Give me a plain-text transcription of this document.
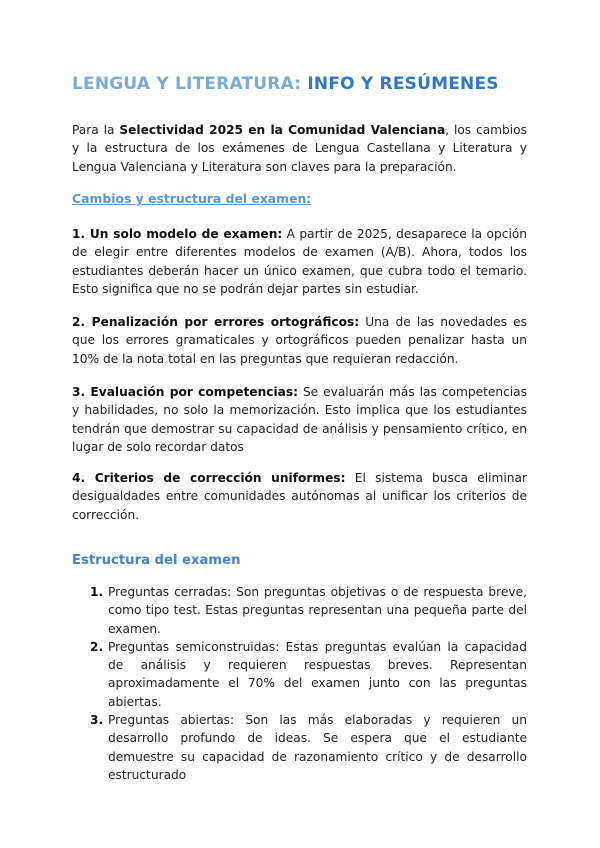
LENGUA Y LITERATURA: INFO Y RESÚMENES

Para la Selectividad 2025 en la Comunidad Valenciana, los cambios y la estructura de los exámenes de Lengua Castellana y Literatura y Lengua Valenciana y Literatura son claves para la preparación.

Cambios y estructura del examen:

1. Un solo modelo de examen: A partir de 2025, desaparece la opción de elegir entre diferentes modelos de examen (A/B). Ahora, todos los estudiantes deberán hacer un único examen, que cubra todo el temario. Esto significa que no se podrán dejar partes sin estudiar.

2. Penalización por errores ortográficos: Una de las novedades es que los errores gramaticales y ortográficos pueden penalizar hasta un 10% de la nota total en las preguntas que requieran redacción.

3. Evaluación por competencias: Se evaluarán más las competencias y habilidades, no solo la memorización. Esto implica que los estudiantes tendrán que demostrar su capacidad de análisis y pensamiento crítico, en lugar de solo recordar datos

4. Criterios de corrección uniformes: El sistema busca eliminar desigualdades entre comunidades autónomas al unificar los criterios de corrección.

Estructura del examen

1. Preguntas cerradas: Son preguntas objetivas o de respuesta breve, como tipo test. Estas preguntas representan una pequeña parte del examen.
2. Preguntas semiconstruidas: Estas preguntas evalúan la capacidad de análisis y requieren respuestas breves. Representan aproximadamente el 70% del examen junto con las preguntas abiertas.
3. Preguntas abiertas: Son las más elaboradas y requieren un desarrollo profundo de ideas. Se espera que el estudiante demuestre su capacidad de razonamiento crítico y de desarrollo estructurado
